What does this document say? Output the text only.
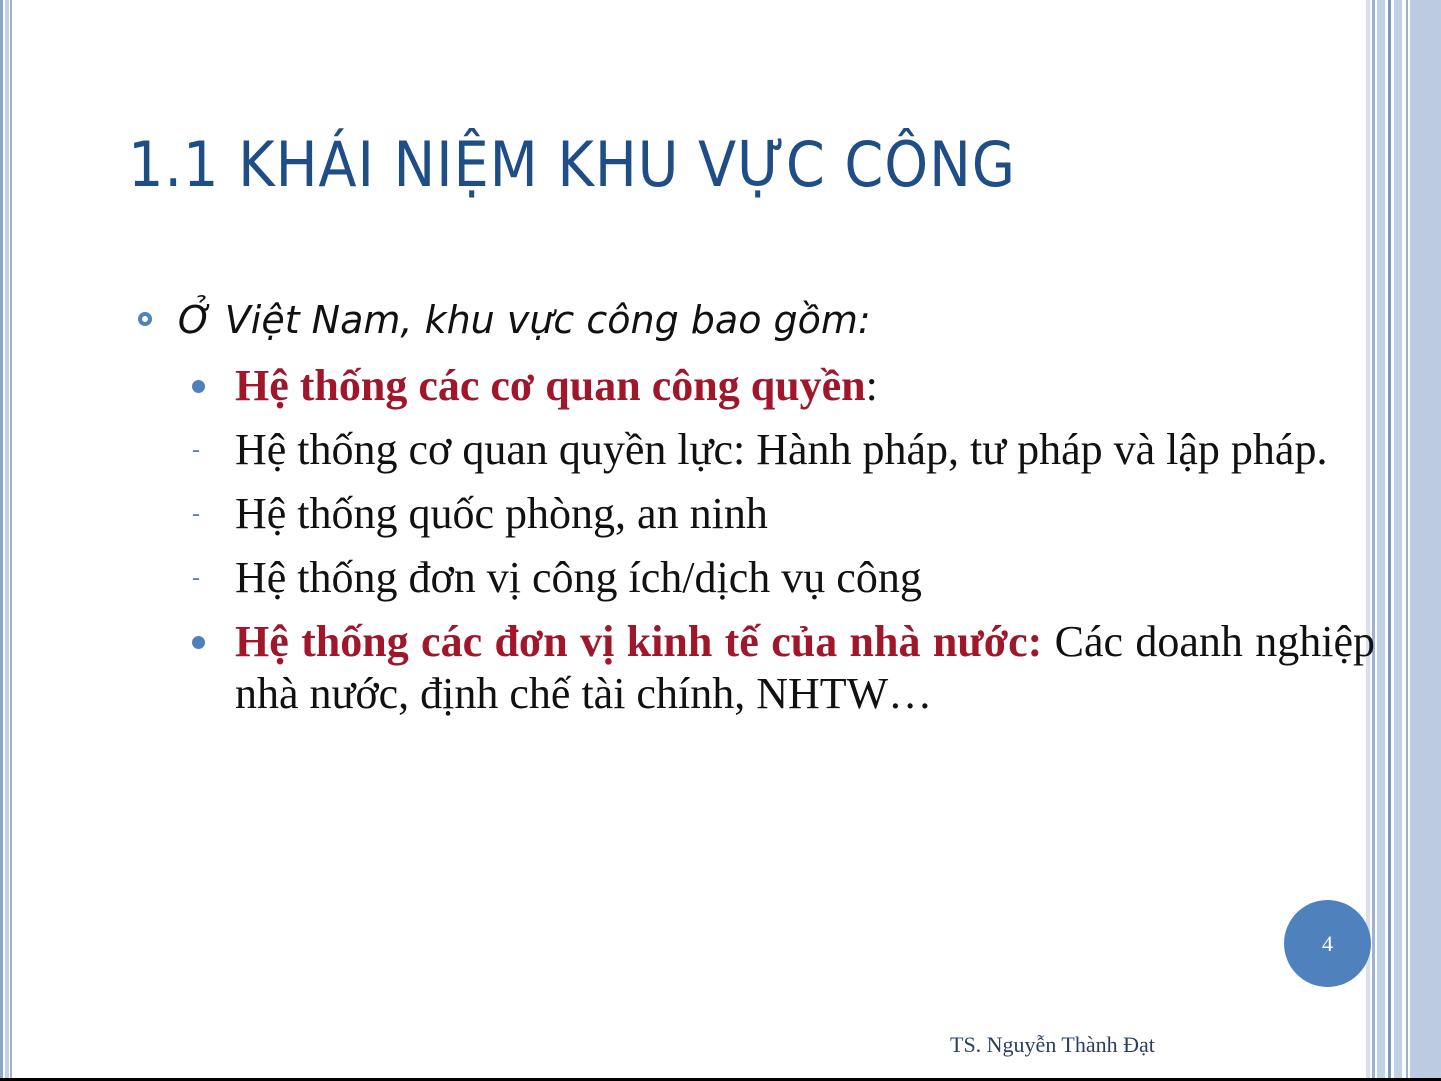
1.1 KHÁI NIỆM KHU VỰC CÔNG
Ở Việt Nam, khu vực công bao gồm:
Hệ thống các cơ quan công quyền:
- Hệ thống cơ quan quyền lực: Hành pháp, tư pháp và lập pháp.
- Hệ thống quốc phòng, an ninh
- Hệ thống đơn vị công ích/dịch vụ công
Hệ thống các đơn vị kinh tế của nhà nước: Các doanh nghiệp nhà nước, định chế tài chính, NHTW…
4
TS. Nguyễn Thành Đạt
